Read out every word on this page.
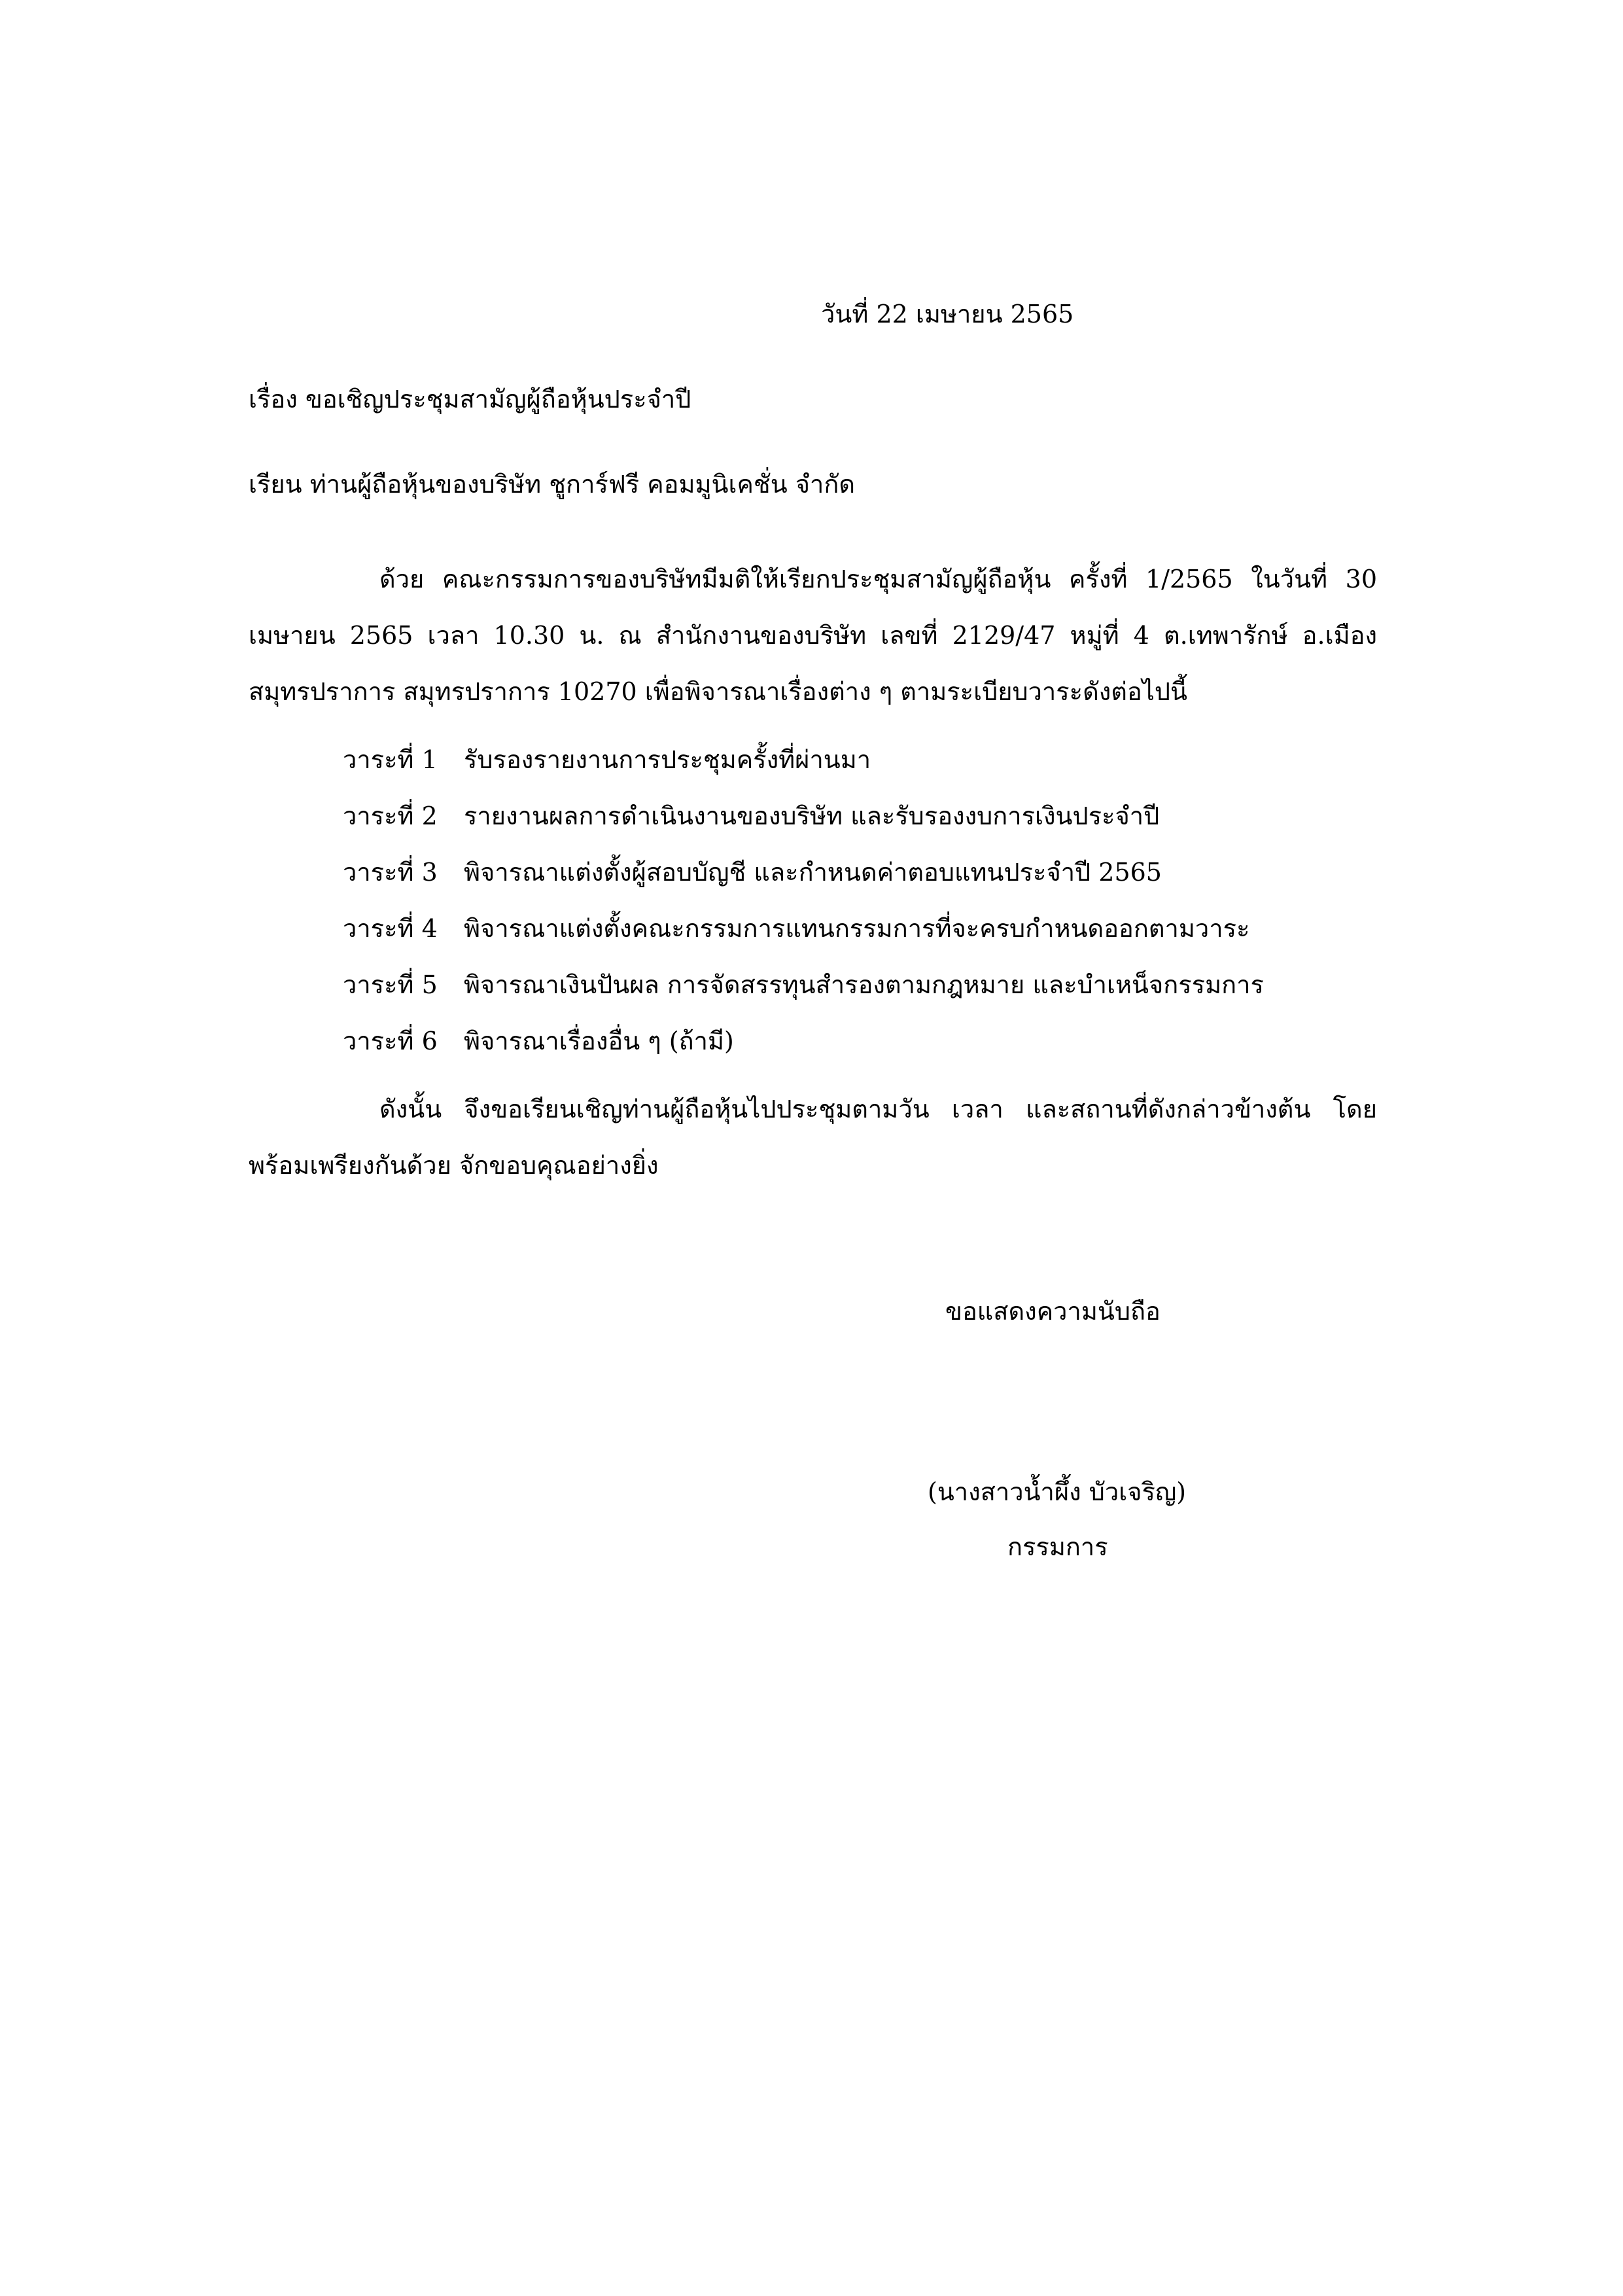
วันที่ 22 เมษายน 2565

เรื่อง ขอเชิญประชุมสามัญผู้ถือหุ้นประจำปี

เรียน ท่านผู้ถือหุ้นของบริษัท ชูการ์ฟรี คอมมูนิเคชั่น จำกัด

ด้วย คณะกรรมการของบริษัทมีมติให้เรียกประชุมสามัญผู้ถือหุ้น ครั้งที่ 1/2565 ในวันที่ 30 เมษายน 2565 เวลา 10.30 น. ณ สำนักงานของบริษัท เลขที่ 2129/47 หมู่ที่ 4 ต.เทพารักษ์ อ.เมืองสมุทรปราการ สมุทรปราการ 10270 เพื่อพิจารณาเรื่องต่าง ๆ ตามระเบียบวาระดังต่อไปนี้

วาระที่ 1 รับรองรายงานการประชุมครั้งที่ผ่านมา
วาระที่ 2 รายงานผลการดำเนินงานของบริษัท และรับรองงบการเงินประจำปี
วาระที่ 3 พิจารณาแต่งตั้งผู้สอบบัญชี และกำหนดค่าตอบแทนประจำปี 2565
วาระที่ 4 พิจารณาแต่งตั้งคณะกรรมการแทนกรรมการที่จะครบกำหนดออกตามวาระ
วาระที่ 5 พิจารณาเงินปันผล การจัดสรรทุนสำรองตามกฎหมาย และบำเหน็จกรรมการ
วาระที่ 6 พิจารณาเรื่องอื่น ๆ (ถ้ามี)

ดังนั้น จึงขอเรียนเชิญท่านผู้ถือหุ้นไปประชุมตามวัน เวลา และสถานที่ดังกล่าวข้างต้น โดยพร้อมเพรียงกันด้วย จักขอบคุณอย่างยิ่ง

ขอแสดงความนับถือ

(นางสาวน้ำผึ้ง บัวเจริญ)

กรรมการ
